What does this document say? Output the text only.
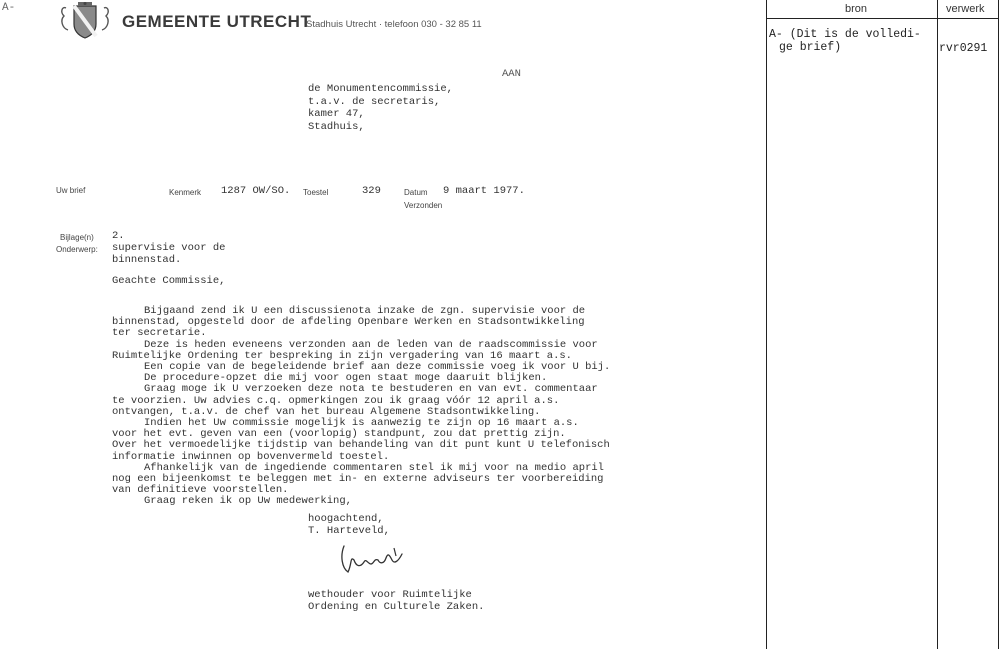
A-
GEMEENTE UTRECHT
Stadhuis Utrecht · telefoon 030 - 32 85 11
AAN
de Monumentencommissie,
t.a.v. de secretaris,
kamer 47,
Stadhuis,
Uw brief	Kenmerk 1287 OW/SO. Toestel	329	Datum 9 maart 1977.
Verzonden
Bijlage(n) 2.
Onderwerp: supervisie voor de
binnenstad.
Geachte Commissie,
Bijgaand zend ik U een discussienota inzake de zgn. supervisie voor de
binnenstad, opgesteld door de afdeling Openbare Werken en Stadsontwikkeling
ter secretarie.
Deze is heden eveneens verzonden aan de leden van de raadscommissie voor
Ruimtelijke Ordening ter bespreking in zijn vergadering van 16 maart a.s.
Een copie van de begeleidende brief aan deze commissie voeg ik voor U bij.
De procedure-opzet die mij voor ogen staat moge daaruit blijken.
Graag moge ik U verzoeken deze nota te bestuderen en van evt. commentaar
te voorzien. Uw advies c.q. opmerkingen zou ik graag vóór 12 april a.s.
ontvangen, t.a.v. de chef van het bureau Algemene Stadsontwikkeling.
Indien het Uw commissie mogelijk is aanwezig te zijn op 16 maart a.s.
voor het evt. geven van een (voorlopig) standpunt, zou dat prettig zijn.
Over het vermoedelijke tijdstip van behandeling van dit punt kunt U telefonisch
informatie inwinnen op bovenvermeld toestel.
Afhankelijk van de ingediende commentaren stel ik mij voor na medio april
nog een bijeenkomst te beleggen met in- en externe adviseurs ter voorbereiding
van definitieve voorstellen.
Graag reken ik op Uw medewerking,
hoogachtend,
T. Harteveld,
wethouder voor Ruimtelijke
Ordening en Culturele Zaken.
bron	verwerk
A- (Dit is de volledi-
ge brief)	rvr0291
